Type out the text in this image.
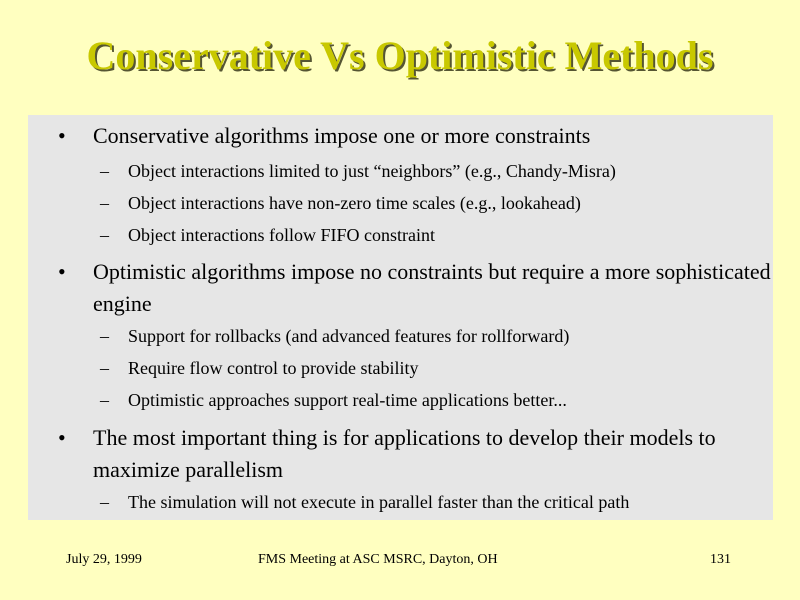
Conservative Vs Optimistic Methods
• Conservative algorithms impose one or more constraints
– Object interactions limited to just “neighbors” (e.g., Chandy-Misra)
– Object interactions have non-zero time scales (e.g., lookahead)
– Object interactions follow FIFO constraint
• Optimistic algorithms impose no constraints but require a more sophisticated engine
– Support for rollbacks (and advanced features for rollforward)
– Require flow control to provide stability
– Optimistic approaches support real-time applications better...
• The most important thing is for applications to develop their models to maximize parallelism
– The simulation will not execute in parallel faster than the critical path
July 29, 1999	FMS Meeting at ASC MSRC, Dayton, OH	131
